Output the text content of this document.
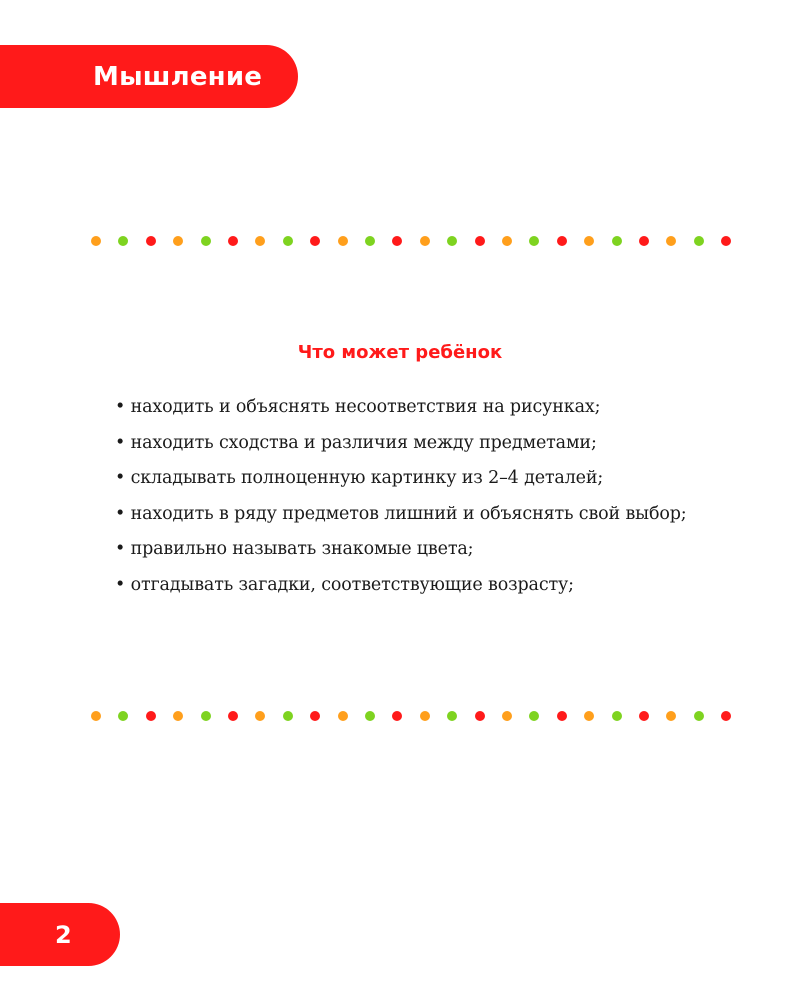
Мышление
Что может ребёнок
• находить и объяснять несоответствия на рисунках;
• находить сходства и различия между предметами;
• складывать полноценную картинку из 2–4 деталей;
• находить в ряду предметов лишний и объяснять свой выбор;
• правильно называть знакомые цвета;
• отгадывать загадки, соответствующие возрасту;
2
